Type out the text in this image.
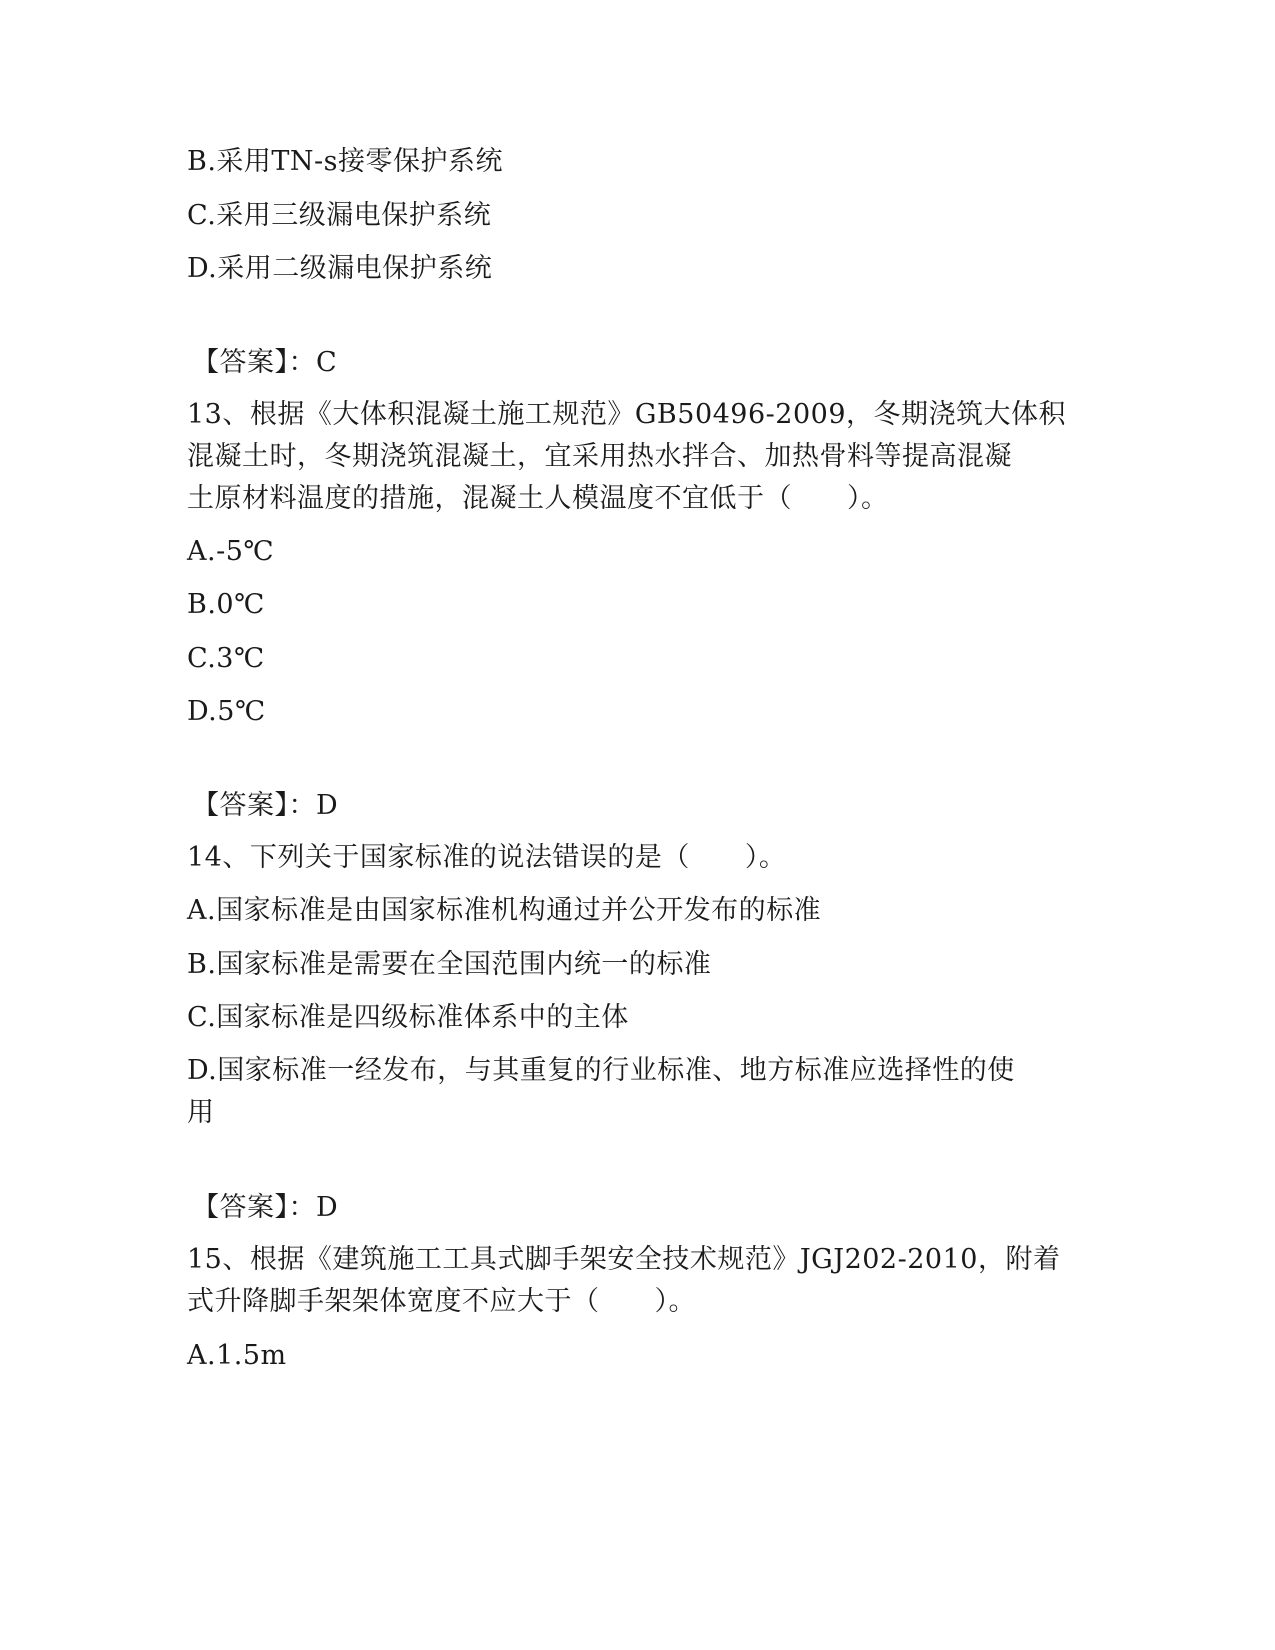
B.采用TN-s接零保护系统
C.采用三级漏电保护系统
D.采用二级漏电保护系统
【答案】：C
13、根据《大体积混凝土施工规范》GB50496-2009，冬期浇筑大体积
混凝土时，冬期浇筑混凝土，宜采用热水拌合、加热骨料等提高混凝
土原材料温度的措施，混凝土人模温度不宜低于（　　）。
A.-5℃
B.0℃
C.3℃
D.5℃
【答案】：D
14、下列关于国家标准的说法错误的是（　　）。
A.国家标准是由国家标准机构通过并公开发布的标准
B.国家标准是需要在全国范围内统一的标准
C.国家标准是四级标准体系中的主体
D.国家标准一经发布，与其重复的行业标准、地方标准应选择性的使
用
【答案】：D
15、根据《建筑施工工具式脚手架安全技术规范》JGJ202-2010，附着
式升降脚手架架体宽度不应大于（　　）。
A.1.5m
